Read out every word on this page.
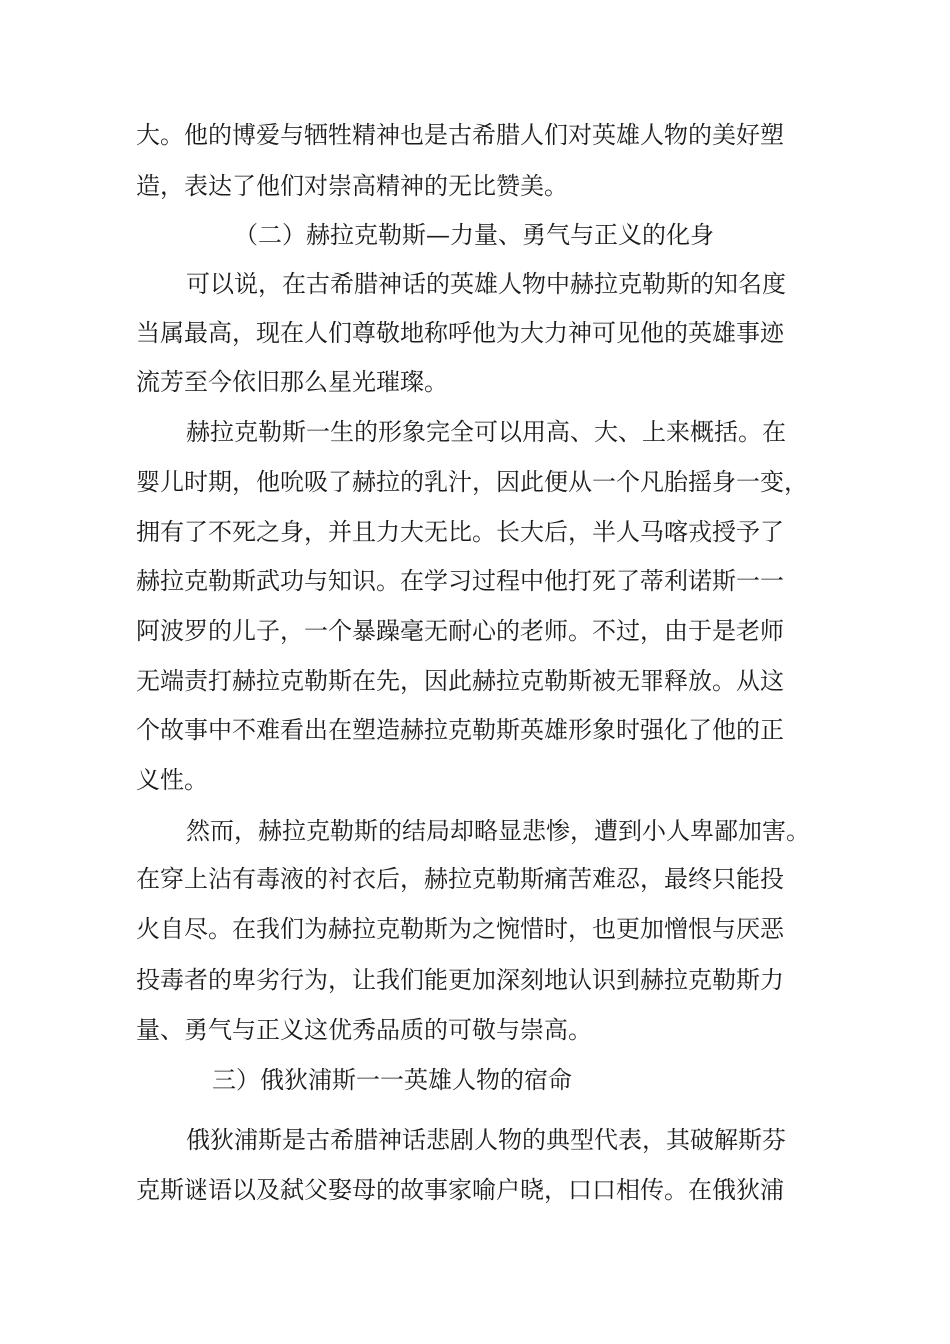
大。他的博爱与牺牲精神也是古希腊人们对英雄人物的美好塑
造，表达了他们对崇高精神的无比赞美。
（二）赫拉克勒斯—力量、勇气与正义的化身
可以说，在古希腊神话的英雄人物中赫拉克勒斯的知名度
当属最高，现在人们尊敬地称呼他为大力神可见他的英雄事迹
流芳至今依旧那么星光璀璨。
赫拉克勒斯一生的形象完全可以用高、大、上来概括。在
婴儿时期，他吮吸了赫拉的乳汁，因此便从一个凡胎摇身一变，
拥有了不死之身，并且力大无比。长大后，半人马喀戎授予了
赫拉克勒斯武功与知识。在学习过程中他打死了蒂利诺斯一一
阿波罗的儿子，一个暴躁毫无耐心的老师。不过，由于是老师
无端责打赫拉克勒斯在先，因此赫拉克勒斯被无罪释放。从这
个故事中不难看出在塑造赫拉克勒斯英雄形象时强化了他的正
义性。
然而，赫拉克勒斯的结局却略显悲惨，遭到小人卑鄙加害。
在穿上沾有毒液的衬衣后，赫拉克勒斯痛苦难忍，最终只能投
火自尽。在我们为赫拉克勒斯为之惋惜时，也更加憎恨与厌恶
投毒者的卑劣行为，让我们能更加深刻地认识到赫拉克勒斯力
量、勇气与正义这优秀品质的可敬与崇高。
三）俄狄浦斯一一英雄人物的宿命
俄狄浦斯是古希腊神话悲剧人物的典型代表，其破解斯芬
克斯谜语以及弑父娶母的故事家喻户晓，口口相传。在俄狄浦
